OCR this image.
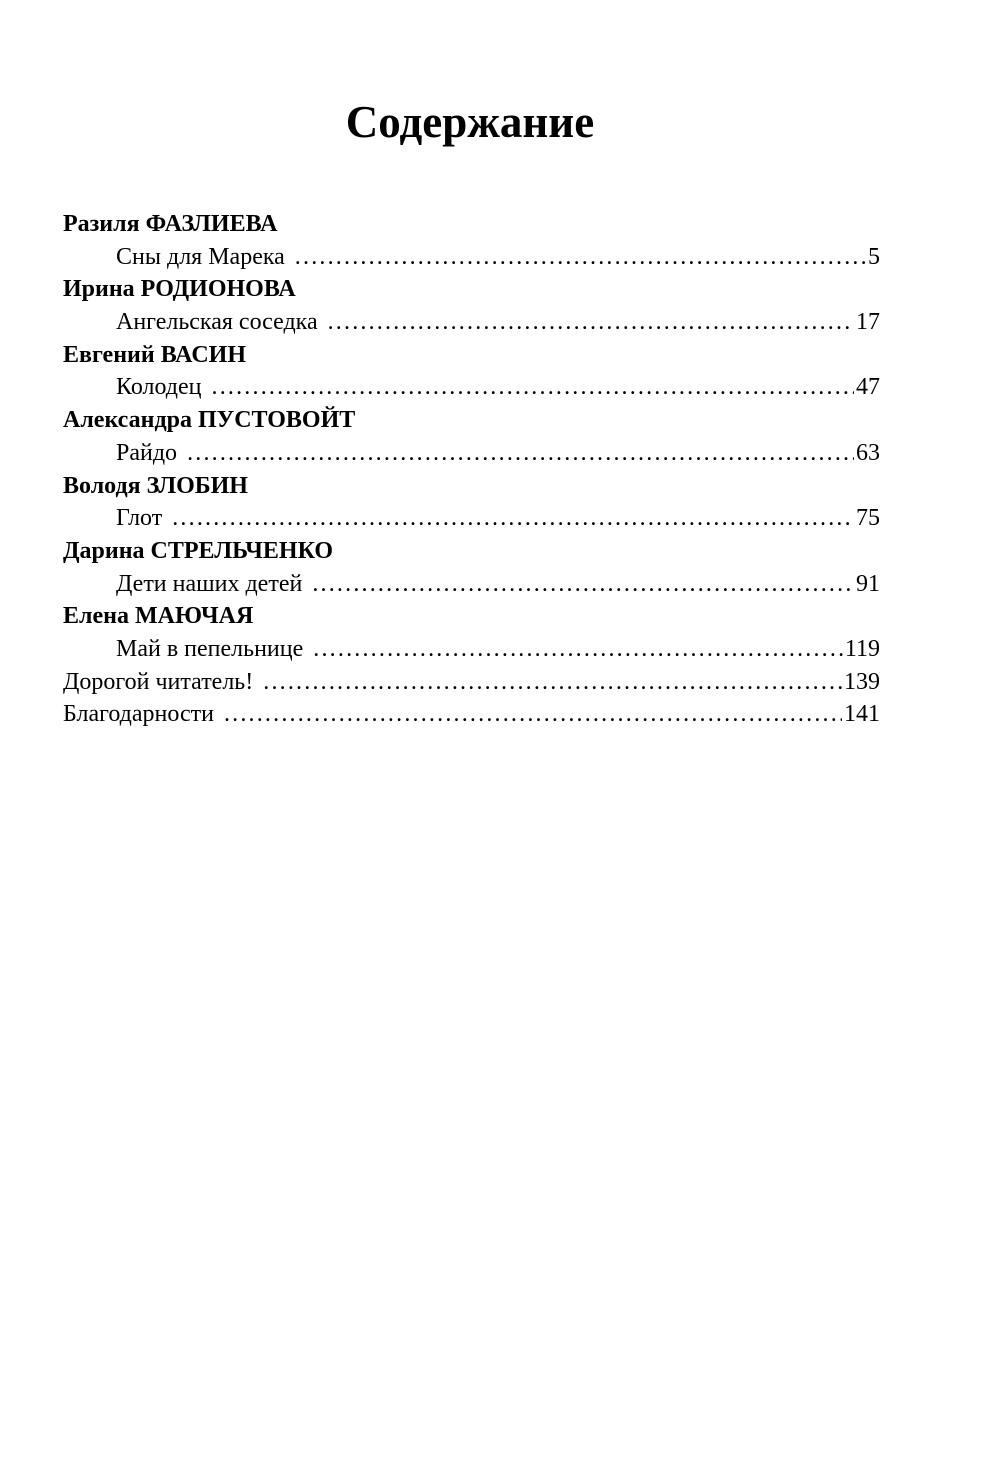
Содержание
Разиля ФАЗЛИЕВА
Сны для Марека .....	5
Ирина РОДИОНОВА
Ангельская соседка .....	17
Евгений ВАСИН
Колодец .....	47
Александра ПУСТОВОЙТ
Райдо .....	63
Володя ЗЛОБИН
Глот .....	75
Дарина СТРЕЛЬЧЕНКО
Дети наших детей .....	91
Елена МАЮЧАЯ
Май в пепельнице .....	119
Дорогой читатель! .....	139
Благодарности .....	141
